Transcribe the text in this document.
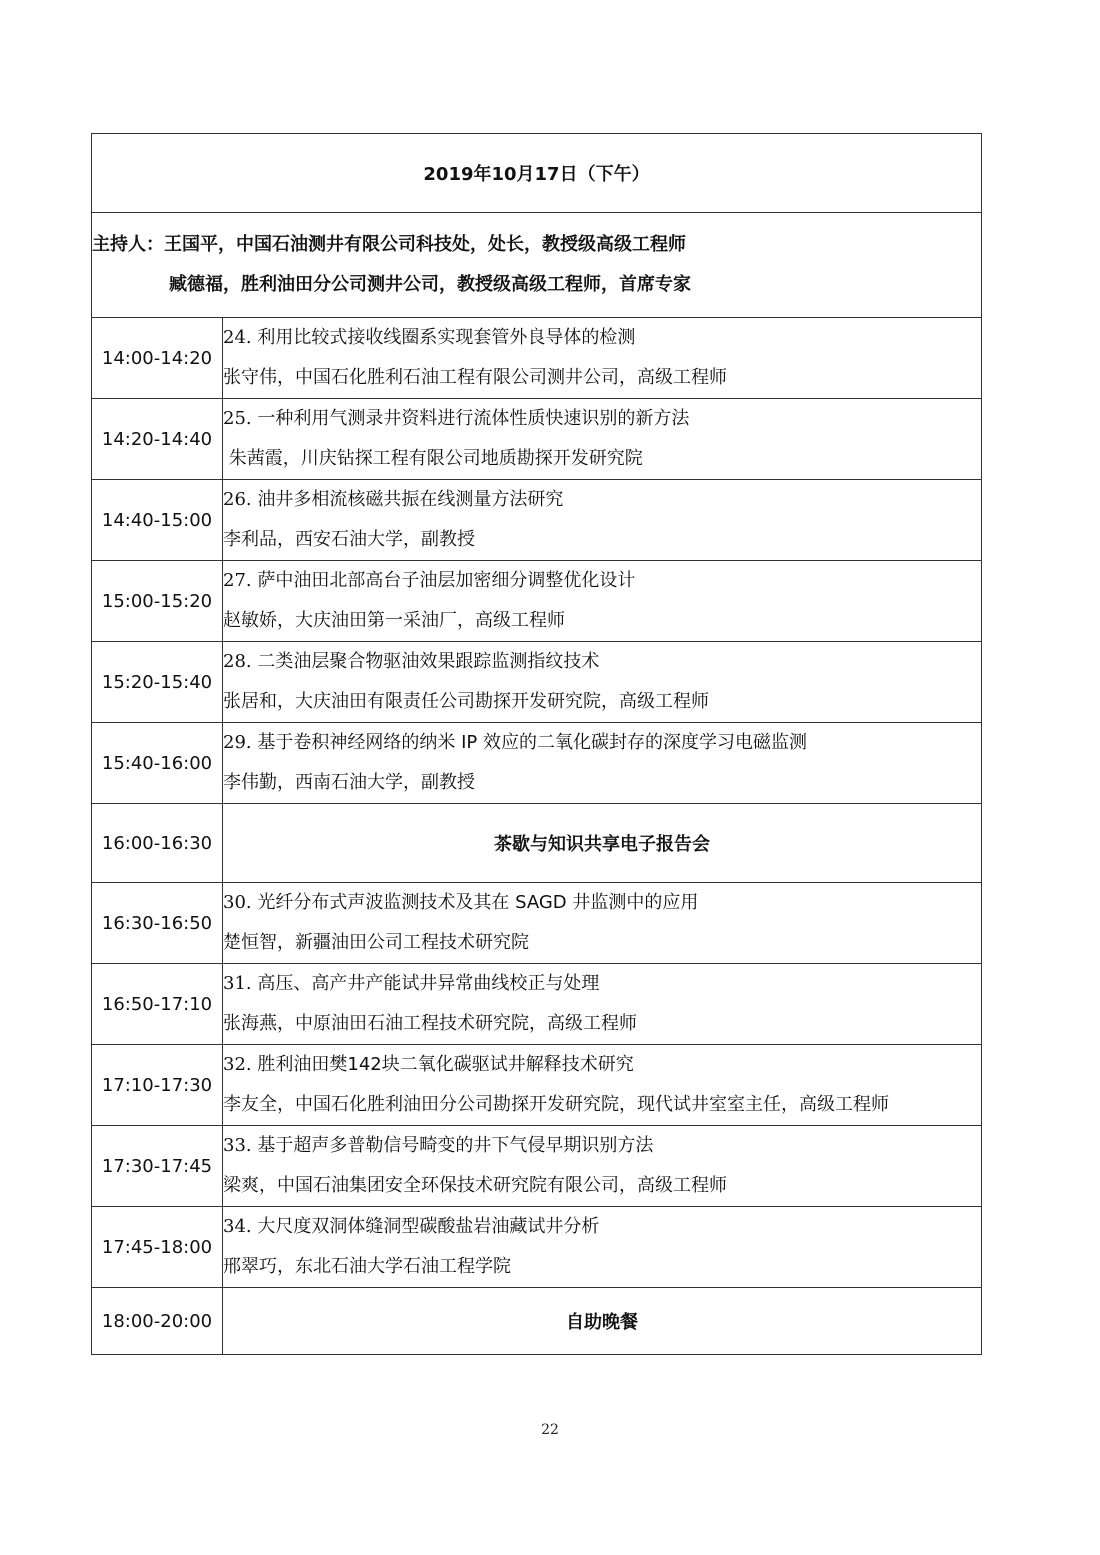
2019年10月17日（下午）	

主持人：王国平，中国石油测井有限公司科技处，处长，教授级高级工程师
臧德福，胜利油田分公司测井公司，教授级高级工程师，首席专家	

14:00-14:20	24. 利用比较式接收线圈系实现套管外良导体的检测
张守伟，中国石化胜利石油工程有限公司测井公司，高级工程师

14:20-14:40	25. 一种利用气测录井资料进行流体性质快速识别的新方法
朱茜霞，川庆钻探工程有限公司地质勘探开发研究院

14:40-15:00	26. 油井多相流核磁共振在线测量方法研究
李利品，西安石油大学，副教授

15:00-15:20	27. 萨中油田北部高台子油层加密细分调整优化设计
赵敏娇，大庆油田第一采油厂，高级工程师

15:20-15:40	28. 二类油层聚合物驱油效果跟踪监测指纹技术
张居和，大庆油田有限责任公司勘探开发研究院，高级工程师

15:40-16:00	29. 基于卷积神经网络的纳米 IP 效应的二氧化碳封存的深度学习电磁监测
李伟勤，西南石油大学，副教授

16:00-16:30	茶歇与知识共享电子报告会
16:30-16:50	30. 光纤分布式声波监测技术及其在 SAGD 井监测中的应用
楚恒智，新疆油田公司工程技术研究院

16:50-17:10	31. 高压、高产井产能试井异常曲线校正与处理
张海燕，中原油田石油工程技术研究院，高级工程师

17:10-17:30	32. 胜利油田樊142块二氧化碳驱试井解释技术研究
李友全，中国石化胜利油田分公司勘探开发研究院，现代试井室室主任，高级工程师

17:30-17:45	33. 基于超声多普勒信号畸变的井下气侵早期识别方法
梁爽，中国石油集团安全环保技术研究院有限公司，高级工程师

17:45-18:00	34. 大尺度双洞体缝洞型碳酸盐岩油藏试井分析
邢翠巧，东北石油大学石油工程学院

18:00-20:00	自助晚餐
22
